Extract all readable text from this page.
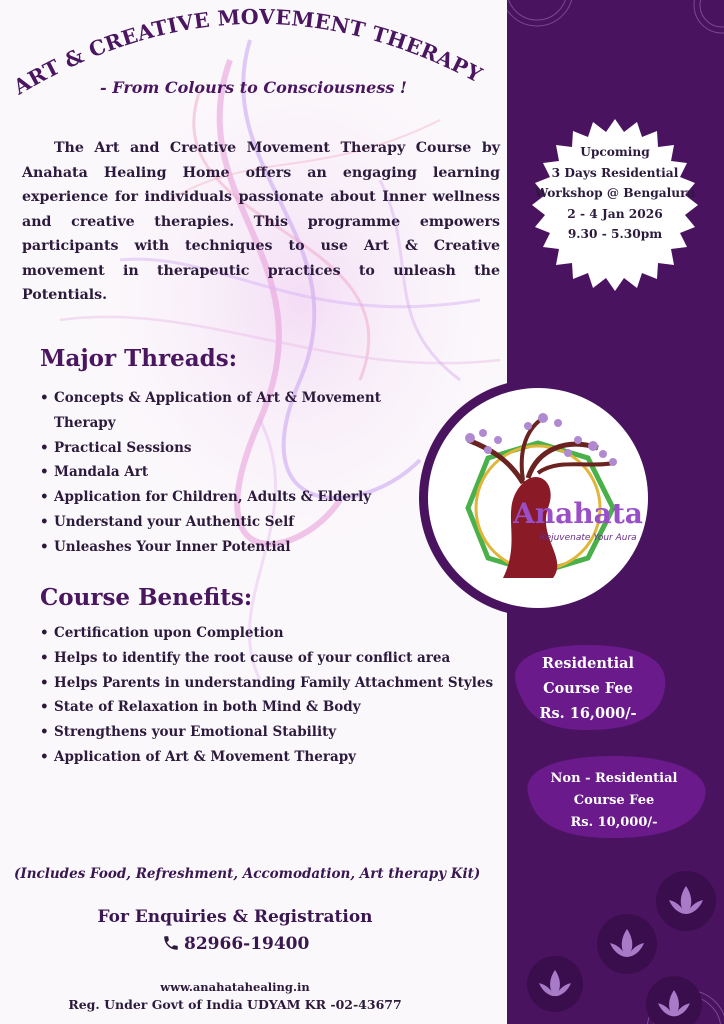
ART & CREATIVE MOVEMENT THERAPY
- From Colours to Consciousness !
The Art and Creative Movement Therapy Course by Anahata Healing Home offers an engaging learning experience for individuals passionate about Inner wellness and creative therapies. This programme empowers participants with techniques to use Art & Creative movement in therapeutic practices to unleash the Potentials.
Major Threads:
• Concepts & Application of Art & Movement
Therapy
• Practical Sessions
• Mandala Art
• Application for Children, Adults & Elderly
• Understand your Authentic Self
• Unleashes Your Inner Potential
Course Benefits:
• Certification upon Completion
• Helps to identify the root cause of your conflict area
• Helps Parents in understanding Family Attachment Styles
• State of Relaxation in both Mind & Body
• Strengthens your Emotional Stability
• Application of Art & Movement Therapy
Upcoming
3 Days Residential
Workshop @ Bengaluru
2 - 4 Jan 2026
9.30 - 5.30pm
Anahata
Rejuvenate Your Aura
Residential
Course Fee
Rs. 16,000/-
Non - Residential
Course Fee
Rs. 10,000/-
(Includes Food, Refreshment, Accomodation, Art therapy Kit)
For Enquiries & Registration
82966-19400
www.anahatahealing.in
Reg. Under Govt of India UDYAM KR -02-43677
